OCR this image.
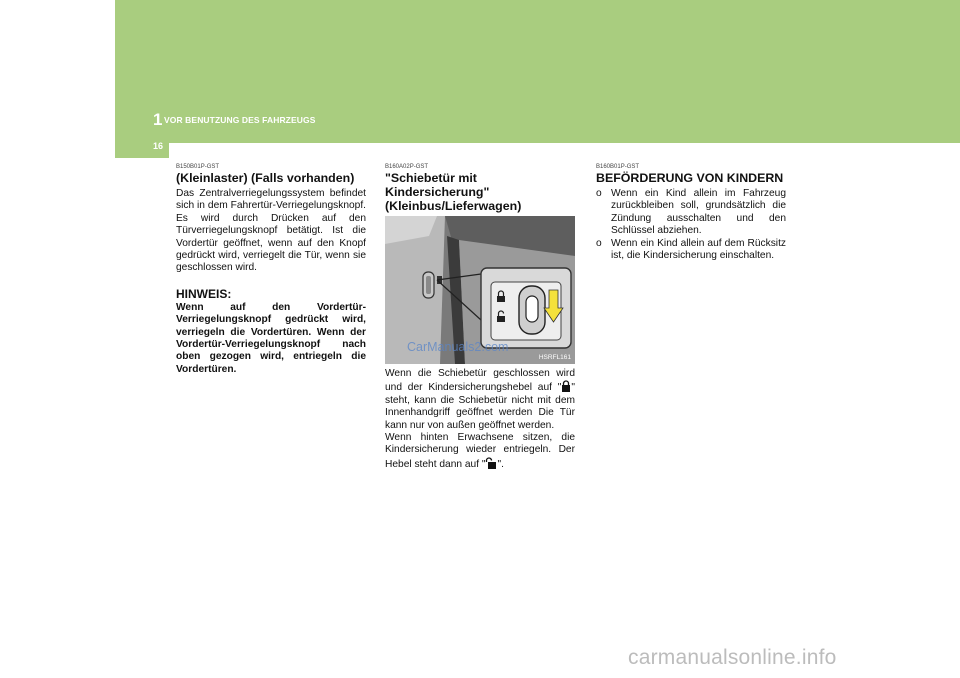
1 VOR BENUTZUNG DES FAHRZEUGS
16
B150B01P-GST
(Kleinlaster) (Falls vorhanden)

Das Zentralverriegelungssystem befindet sich in dem Fahrertür-Verriegelungsknopf. Es wird durch Drücken auf den Türverriegelungsknopf betätigt. Ist die Vordertür geöffnet, wenn auf den Knopf gedrückt wird, verriegelt die Tür, wenn sie geschlossen wird.

HINWEIS:

Wenn auf den Vordertür-Verriegelungsknopf gedrückt wird, verriegeln die Vordertüren. Wenn der Vordertür-Verriegelungsknopf nach oben gezogen wird, entriegeln die Vordertüren.

B160A02P-GST
"Schiebetür mit Kindersicherung" (Kleinbus/Lieferwagen)
CarManuals2.com
HSRFL161

Wenn die Schiebetür geschlossen wird und der Kindersicherungshebel auf " " steht, kann die Schiebetür nicht mit dem Innenhandgriff geöffnet werden Die Tür kann nur von außen geöffnet werden.
Wenn hinten Erwachsene sitzen, die Kindersicherung wieder entriegeln. Der Hebel steht dann auf " ".

B160B01P-GST
BEFÖRDERUNG VON KINDERN
o Wenn ein Kind allein im Fahrzeug zurückbleiben soll, grundsätzlich die Zündung ausschalten und den Schlüssel abziehen.
o Wenn ein Kind allein auf dem Rücksitz ist, die Kindersicherung einschalten.
carmanualsonline.info
